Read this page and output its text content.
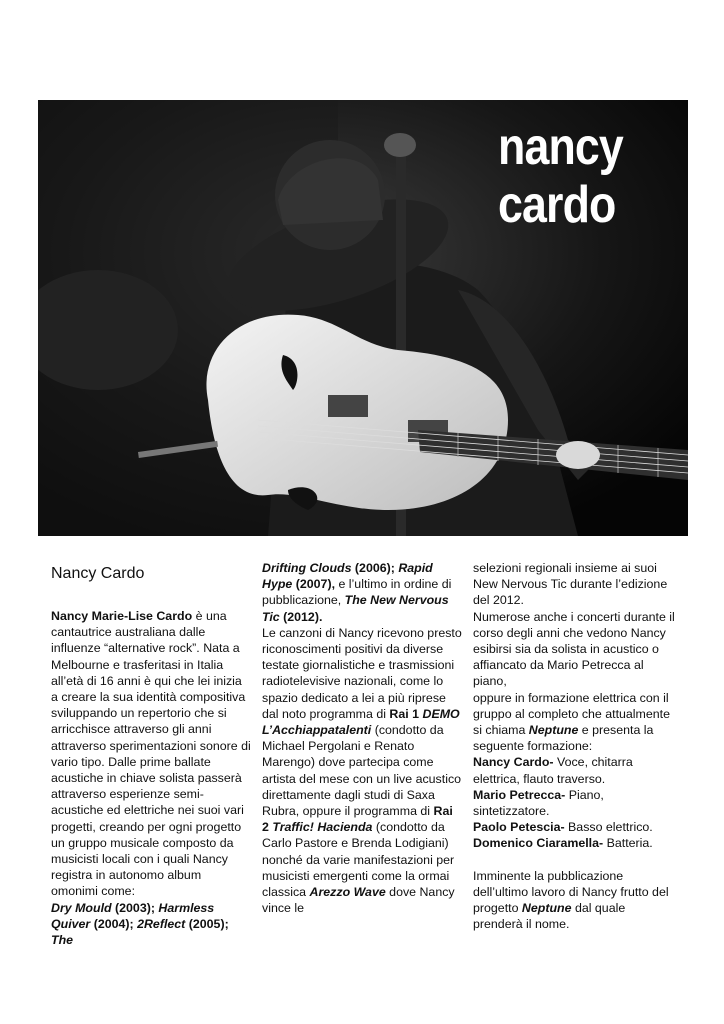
nancy
cardo
Nancy Cardo

Nancy Marie-Lise Cardo è una cantautrice australiana dalle influenze “alternative rock”. Nata a Melbourne e trasferitasi in Italia all’età di 16 anni è qui che lei inizia a creare la sua identità compositiva sviluppando un repertorio che si arricchisce attraverso gli anni attraverso sperimentazioni sonore di vario tipo. Dalle prime ballate acustiche in chiave solista passerà attraverso esperienze semi-acustiche ed elettriche nei suoi vari progetti, creando per ogni progetto un gruppo musicale composto da musicisti locali con i quali Nancy registra in autonomo album omonimi come:
Dry Mould (2003); Harmless Quiver (2004); 2Reflect (2005); The

Drifting Clouds (2006); Rapid Hype (2007), e l’ultimo in ordine di pubblicazione, The New Nervous Tic (2012).

Le canzoni di Nancy ricevono presto riconoscimenti positivi da diverse testate giornalistiche e trasmissioni radiotelevisive nazionali, come lo spazio dedicato a lei a più riprese dal noto programma di Rai 1 DEMO L’Acchiappatalenti (condotto da Michael Pergolani e Renato Marengo) dove partecipa come artista del mese con un live acustico direttamente dagli studi di Saxa Rubra, oppure il programma di Rai 2 Traffic! Hacienda (condotto da Carlo Pastore e Brenda Lodigiani) nonché da varie manifestazioni per musicisti emergenti come la ormai classica Arezzo Wave dove Nancy vince le

selezioni regionali insieme ai suoi New Nervous Tic durante l’edizione del 2012.

Numerose anche i concerti durante il corso degli anni che vedono Nancy esibirsi sia da solista in acustico o affiancato da Mario Petrecca al piano,

oppure in formazione elettrica con il gruppo al completo che attualmente si chiama Neptune e presenta la seguente formazione:

Nancy Cardo- Voce, chitarra elettrica, flauto traverso.

Mario Petrecca- Piano, sintetizzatore.

Paolo Petescia- Basso elettrico.

Domenico Ciaramella- Batteria.

Imminente la pubblicazione dell’ultimo lavoro di Nancy frutto del progetto Neptune dal quale prenderà il nome.
